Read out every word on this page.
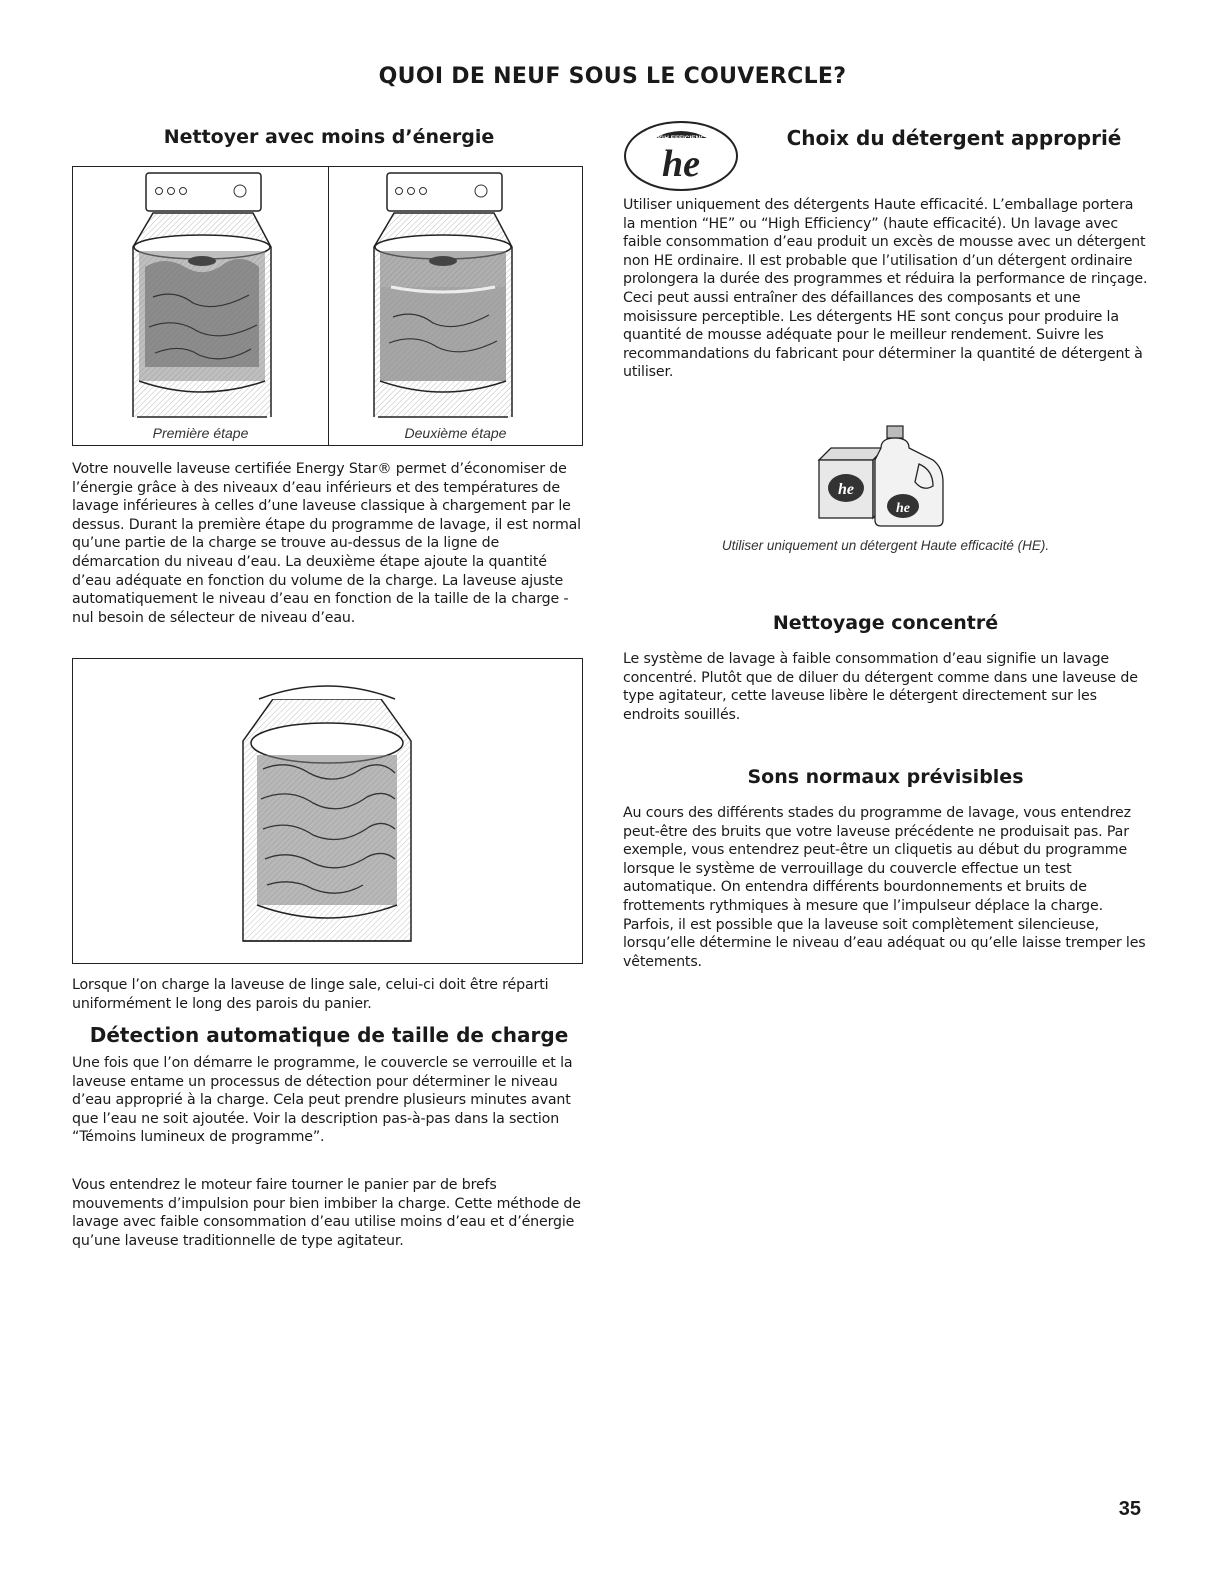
QUOI DE NEUF SOUS LE COUVERCLE?
Nettoyer avec moins d’énergie
Première étape	Deuxième étape

Votre nouvelle laveuse certifiée Energy Star® permet d’économiser de l’énergie grâce à des niveaux d’eau inférieurs et des températures de lavage inférieures à celles d’une laveuse classique à chargement par le dessus. Durant la première étape du programme de lavage, il est normal qu’une partie de la charge se trouve au-dessus de la ligne de démarcation du niveau d’eau. La deuxième étape ajoute la quantité d’eau adéquate en fonction du volume de la charge. La laveuse ajuste automatiquement le niveau d’eau en fonction de la taille de la charge - nul besoin de sélecteur de niveau d’eau.

Lorsque l’on charge la laveuse de linge sale, celui-ci doit être réparti uniformément le long des parois du panier.

Détection automatique de taille de charge

Une fois que l’on démarre le programme, le couvercle se verrouille et la laveuse entame un processus de détection pour déterminer le niveau d’eau approprié à la charge. Cela peut prendre plusieurs minutes avant que l’eau ne soit ajoutée. Voir la description pas-à-pas dans la section “Témoins lumineux de programme”.

Vous entendrez le moteur faire tourner le panier par de brefs mouvements d’impulsion pour bien imbiber la charge. Cette méthode de lavage avec faible consommation d’eau utilise moins d’eau et d’énergie qu’une laveuse traditionnelle de type agitateur.

HIGH EFFICIENCY
he
Choix du détergent approprié

Utiliser uniquement des détergents Haute efficacité. L’emballage portera la mention “HE” ou “High Efficiency” (haute efficacité). Un lavage avec faible consommation d’eau produit un excès de mousse avec un détergent non HE ordinaire. Il est probable que l’utilisation d’un détergent ordinaire prolongera la durée des programmes et réduira la performance de rinçage. Ceci peut aussi entraîner des défaillances des composants et une moisissure perceptible. Les détergents HE sont conçus pour produire la quantité de mousse adéquate pour le meilleur rendement. Suivre les recommandations du fabricant pour déterminer la quantité de détergent à utiliser.

he
he
Utiliser uniquement un détergent Haute efficacité (HE).
Nettoyage concentré

Le système de lavage à faible consommation d’eau signifie un lavage concentré. Plutôt que de diluer du détergent comme dans une laveuse de type agitateur, cette laveuse libère le détergent directement sur les endroits souillés.

Sons normaux prévisibles

Au cours des différents stades du programme de lavage, vous entendrez peut-être des bruits que votre laveuse précédente ne produisait pas. Par exemple, vous entendrez peut-être un cliquetis au début du programme lorsque le système de verrouillage du couvercle effectue un test automatique. On entendra différents bourdonnements et bruits de frottements rythmiques à mesure que l’impulseur déplace la charge. Parfois, il est possible que la laveuse soit complètement silencieuse, lorsqu’elle détermine le niveau d’eau adéquat ou qu’elle laisse tremper les vêtements.

35
